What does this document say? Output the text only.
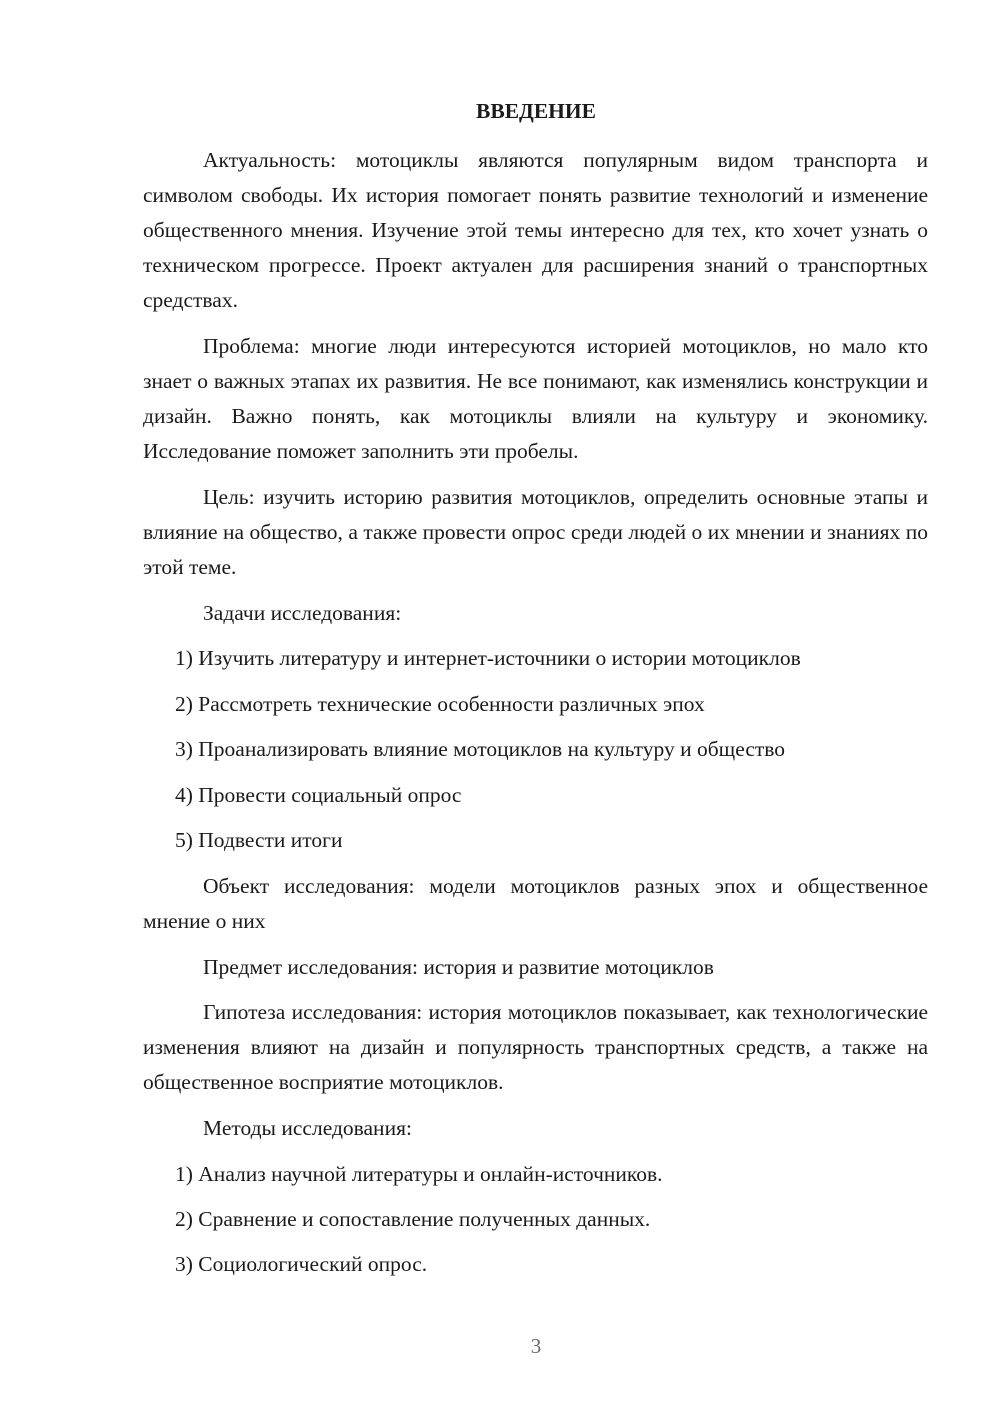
ВВЕДЕНИЕ

Актуальность: мотоциклы являются популярным видом транспорта и символом свободы. Их история помогает понять развитие технологий и изменение общественного мнения. Изучение этой темы интересно для тех, кто хочет узнать о техническом прогрессе. Проект актуален для расширения знаний о транспортных средствах.

Проблема: многие люди интересуются историей мотоциклов, но мало кто знает о важных этапах их развития. Не все понимают, как изменялись конструкции и дизайн. Важно понять, как мотоциклы влияли на культуру и экономику. Исследование поможет заполнить эти пробелы.

Цель: изучить историю развития мотоциклов, определить основные этапы и влияние на общество, а также провести опрос среди людей о их мнении и знаниях по этой теме.

Задачи исследования:

1) Изучить литературу и интернет-источники о истории мотоциклов

2) Рассмотреть технические особенности различных эпох

3) Проанализировать влияние мотоциклов на культуру и общество

4) Провести социальный опрос

5) Подвести итоги

Объект исследования: модели мотоциклов разных эпох и общественное мнение о них

Предмет исследования: история и развитие мотоциклов

Гипотеза исследования: история мотоциклов показывает, как технологические изменения влияют на дизайн и популярность транспортных средств, а также на общественное восприятие мотоциклов.

Методы исследования:

1) Анализ научной литературы и онлайн-источников.

2) Сравнение и сопоставление полученных данных.

3) Социологический опрос.

3
